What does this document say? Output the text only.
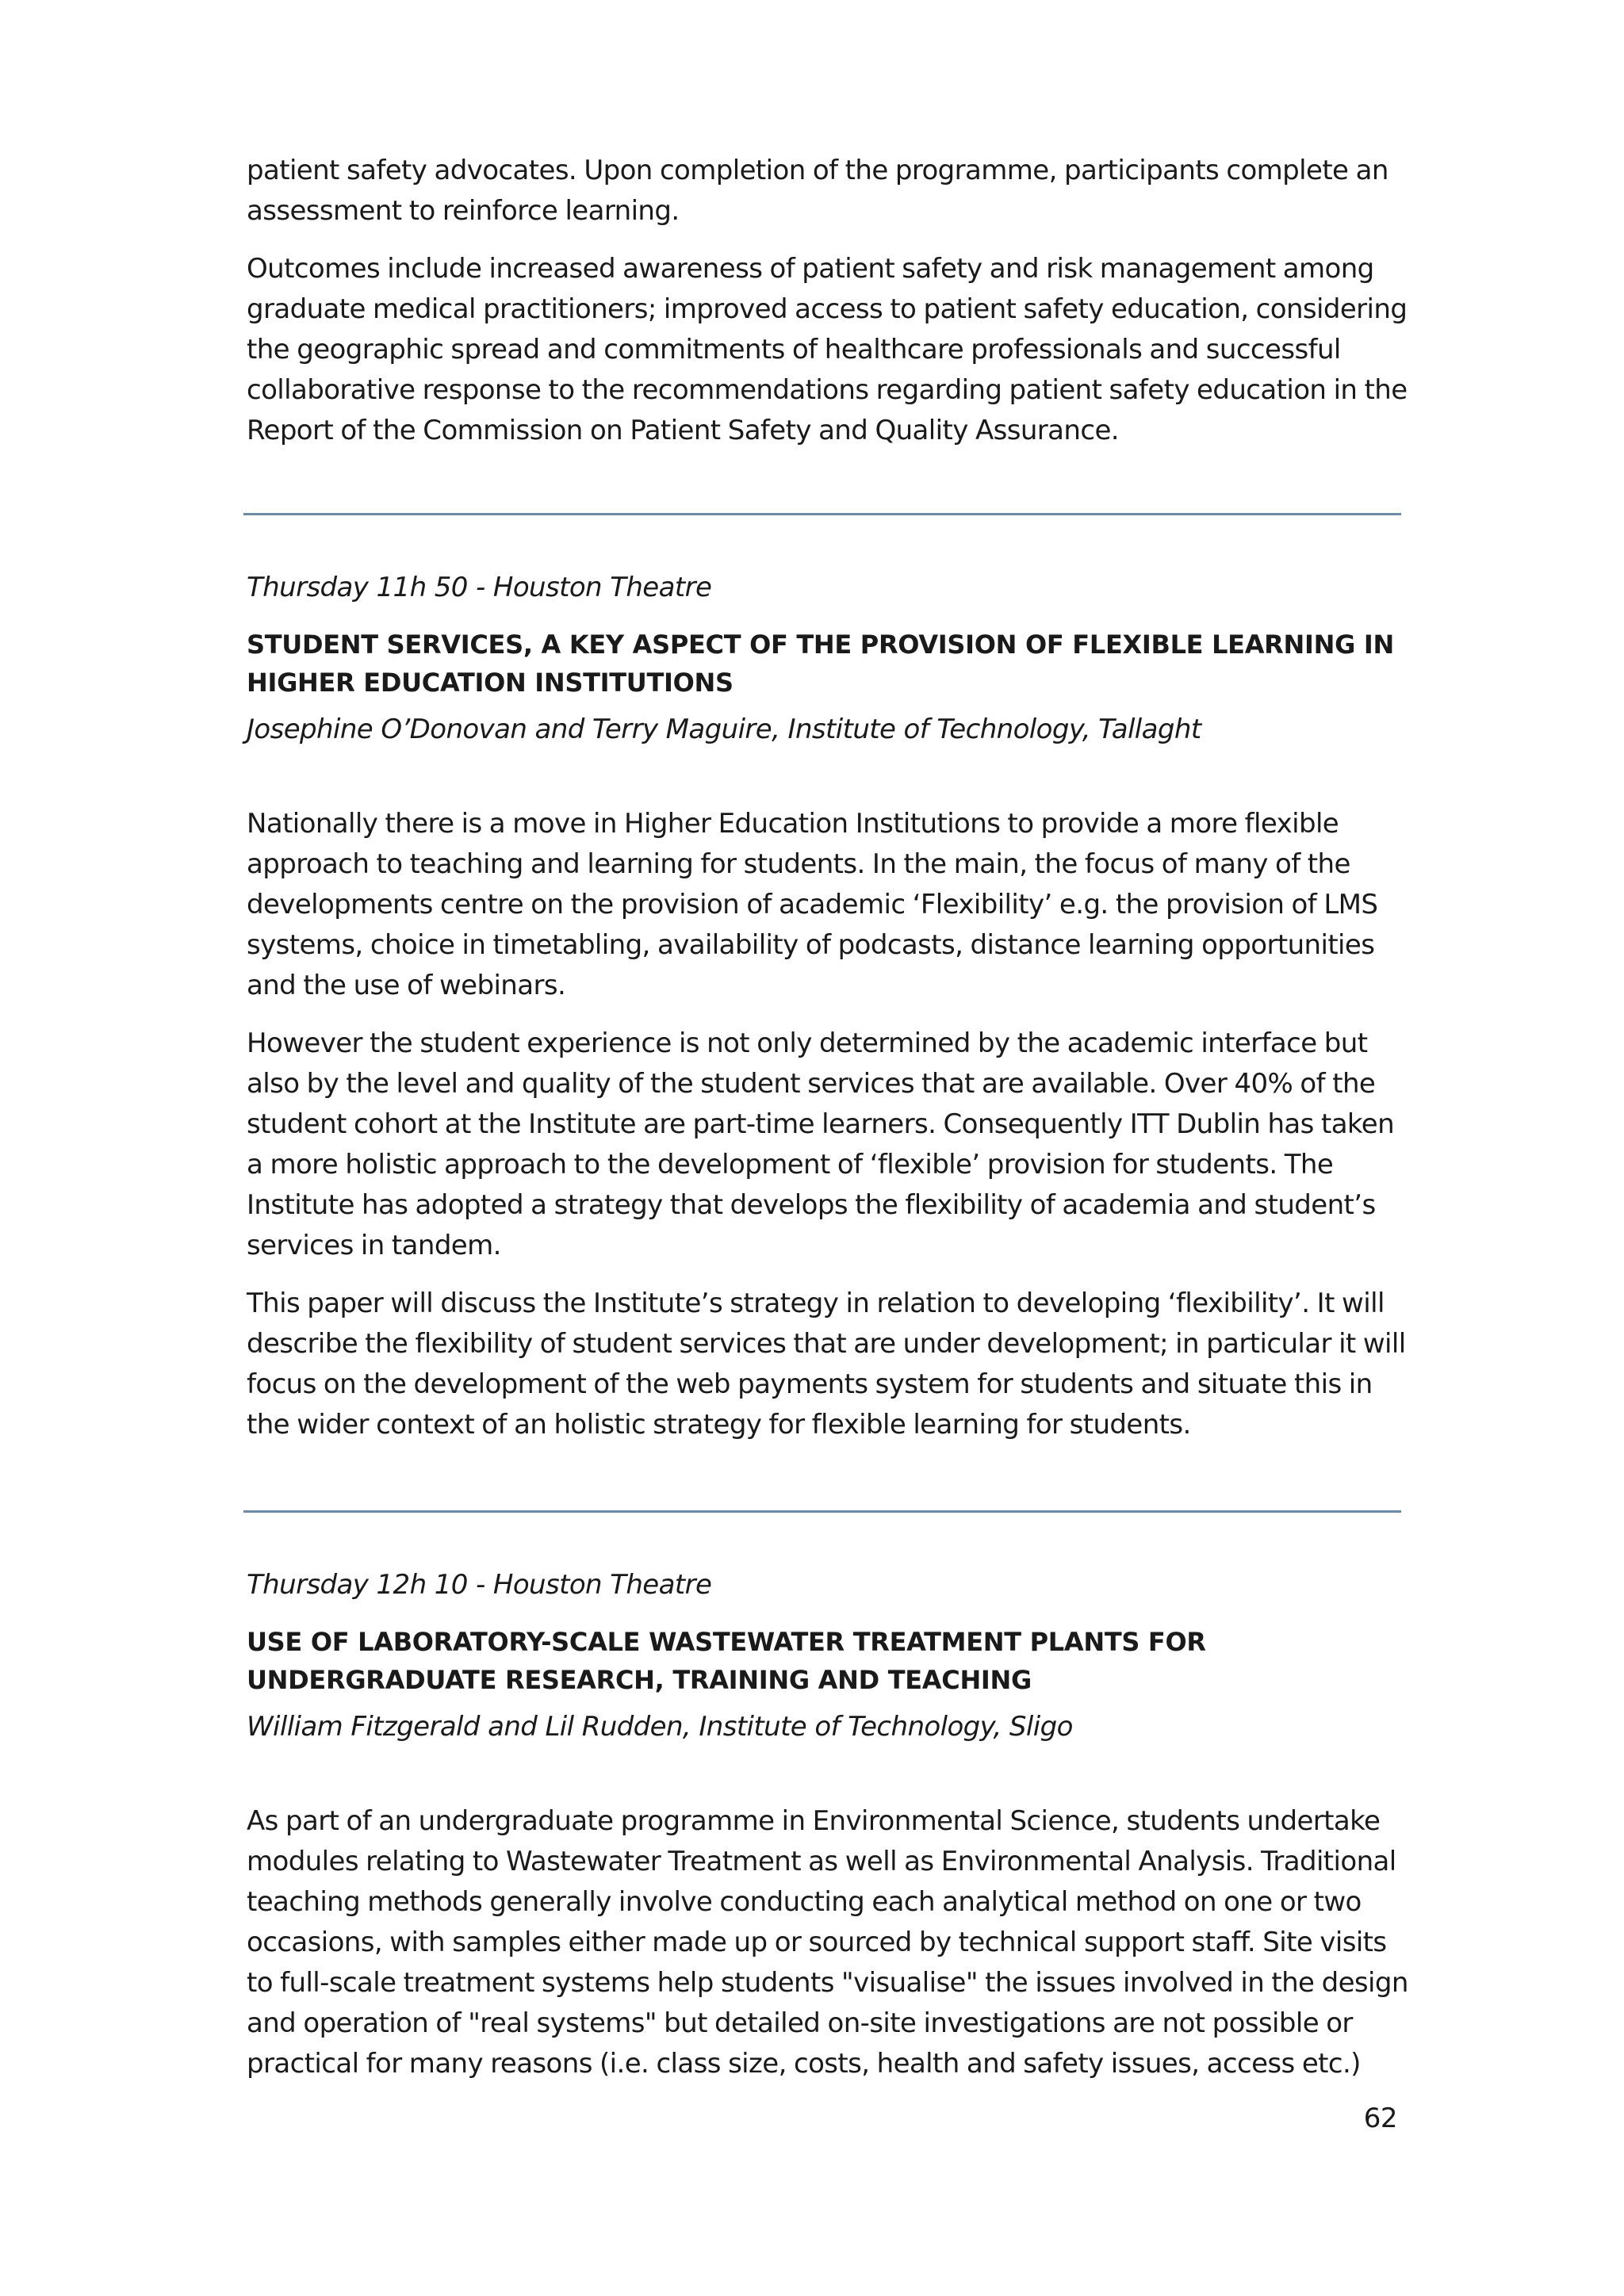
patient safety advocates. Upon completion of the programme, participants complete an assessment to reinforce learning.

Outcomes include increased awareness of patient safety and risk management among graduate medical practitioners; improved access to patient safety education, considering the geographic spread and commitments of healthcare professionals and successful collaborative response to the recommendations regarding patient safety education in the Report of the Commission on Patient Safety and Quality Assurance.

Thursday 11h 50 - Houston Theatre
STUDENT SERVICES, A KEY ASPECT OF THE PROVISION OF FLEXIBLE LEARNING IN HIGHER EDUCATION INSTITUTIONS
Josephine O’Donovan and Terry Maguire, Institute of Technology, Tallaght

Nationally there is a move in Higher Education Institutions to provide a more flexible approach to teaching and learning for students. In the main, the focus of many of the developments centre on the provision of academic ‘Flexibility’ e.g. the provision of LMS systems, choice in timetabling, availability of podcasts, distance learning opportunities and the use of webinars.

However the student experience is not only determined by the academic interface but also by the level and quality of the student services that are available. Over 40% of the student cohort at the Institute are part-time learners. Consequently ITT Dublin has taken a more holistic approach to the development of ‘flexible’ provision for students. The Institute has adopted a strategy that develops the flexibility of academia and student’s services in tandem.

This paper will discuss the Institute’s strategy in relation to developing ‘flexibility’. It will describe the flexibility of student services that are under development; in particular it will focus on the development of the web payments system for students and situate this in the wider context of an holistic strategy for flexible learning for students.

Thursday 12h 10 - Houston Theatre
USE OF LABORATORY-SCALE WASTEWATER TREATMENT PLANTS FOR UNDERGRADUATE RESEARCH, TRAINING AND TEACHING
William Fitzgerald and Lil Rudden, Institute of Technology, Sligo

As part of an undergraduate programme in Environmental Science, students undertake modules relating to Wastewater Treatment as well as Environmental Analysis. Traditional teaching methods generally involve conducting each analytical method on one or two occasions, with samples either made up or sourced by technical support staff. Site visits to full-scale treatment systems help students "visualise" the issues involved in the design and operation of "real systems" but detailed on-site investigations are not possible or practical for many reasons (i.e. class size, costs, health and safety issues, access etc.)

62
